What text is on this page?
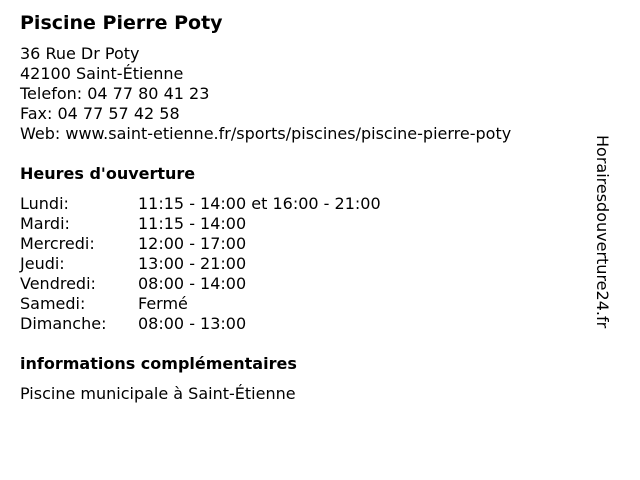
Piscine Pierre Poty
36 Rue Dr Poty
42100 Saint-Étienne
Telefon: 04 77 80 41 23
Fax: 04 77 57 42 58
Web: www.saint-etienne.fr/sports/piscines/piscine-pierre-poty
Heures d'ouverture
Lundi:	11:15 - 14:00 et 16:00 - 21:00
Mardi:	11:15 - 14:00
Mercredi:	12:00 - 17:00
Jeudi:	13:00 - 21:00
Vendredi:	08:00 - 14:00
Samedi:	Fermé
Dimanche: 08:00 - 13:00
informations complémentaires
Piscine municipale à Saint-Étienne
Horairesdouverture24.fr
